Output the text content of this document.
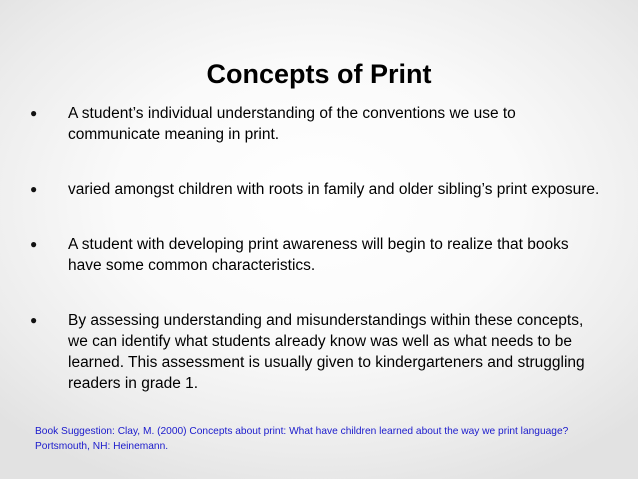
Concepts of Print
● A student’s individual understanding of the conventions we use to communicate meaning in print.
● varied amongst children with roots in family and older sibling’s print exposure.
● A student with developing print awareness will begin to realize that books have some common characteristics.
● By assessing understanding and misunderstandings within these concepts, we can identify what students already know was well as what needs to be learned. This assessment is usually given to kindergarteners and struggling readers in grade 1.
Book Suggestion: Clay, M. (2000) Concepts about print: What have children learned about the way we print language?
Portsmouth, NH: Heinemann.
